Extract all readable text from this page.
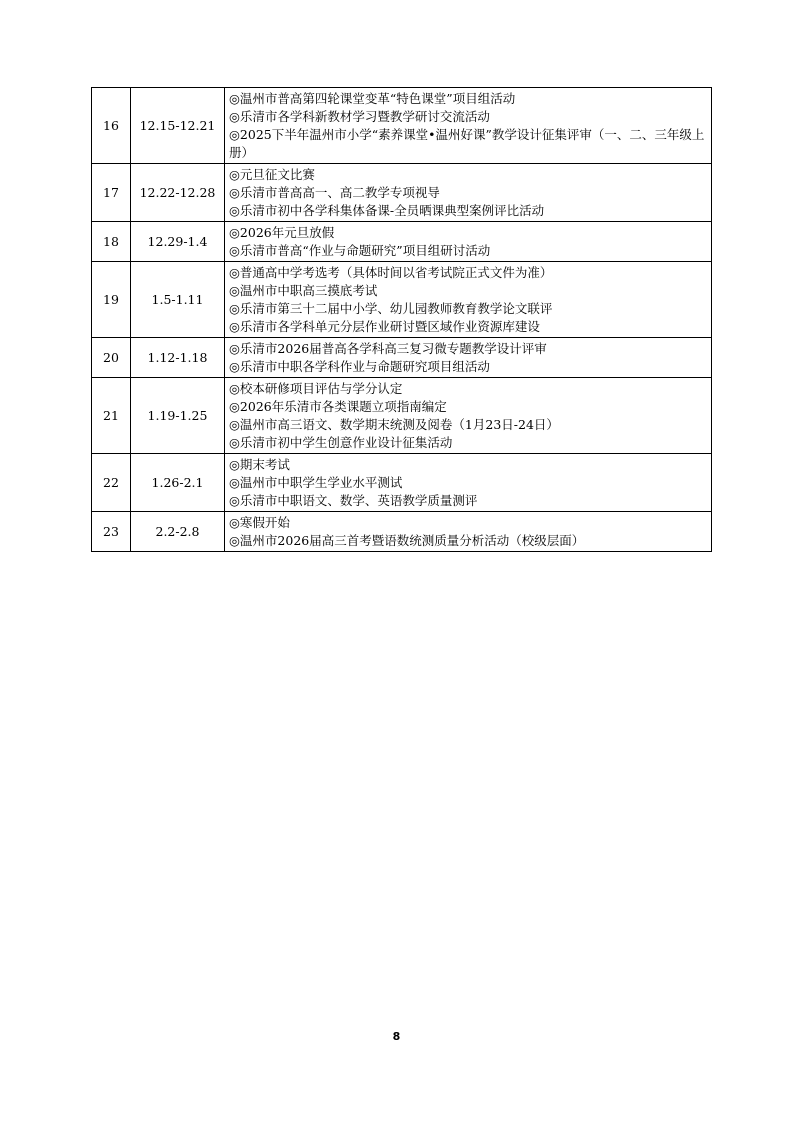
16	12.15-12.21	◎温州市普高第四轮课堂变革“特色课堂”项目组活动
◎乐清市各学科新教材学习暨教学研讨交流活动
◎2025下半年温州市小学“素养课堂•温州好课”教学设计征集评审（一、二、三年级上册）

17	12.22-12.28	◎元旦征文比赛
◎乐清市普高高一、高二教学专项视导
◎乐清市初中各学科集体备课-全员晒课典型案例评比活动

18	12.29-1.4	◎2026年元旦放假
◎乐清市普高“作业与命题研究”项目组研讨活动

19	1.5-1.11	◎普通高中学考选考（具体时间以省考试院正式文件为准）
◎温州市中职高三摸底考试
◎乐清市第三十二届中小学、幼儿园教师教育教学论文联评
◎乐清市各学科单元分层作业研讨暨区域作业资源库建设

20	1.12-1.18	◎乐清市2026届普高各学科高三复习微专题教学设计评审
◎乐清市中职各学科作业与命题研究项目组活动

21	1.19-1.25	◎校本研修项目评估与学分认定
◎2026年乐清市各类课题立项指南编定
◎温州市高三语文、数学期末统测及阅卷（1月23日-24日）
◎乐清市初中学生创意作业设计征集活动

22	1.26-2.1	◎期末考试
◎温州市中职学生学业水平测试
◎乐清市中职语文、数学、英语教学质量测评

23	2.2-2.8	◎寒假开始
◎温州市2026届高三首考暨语数统测质量分析活动（校级层面）
8
